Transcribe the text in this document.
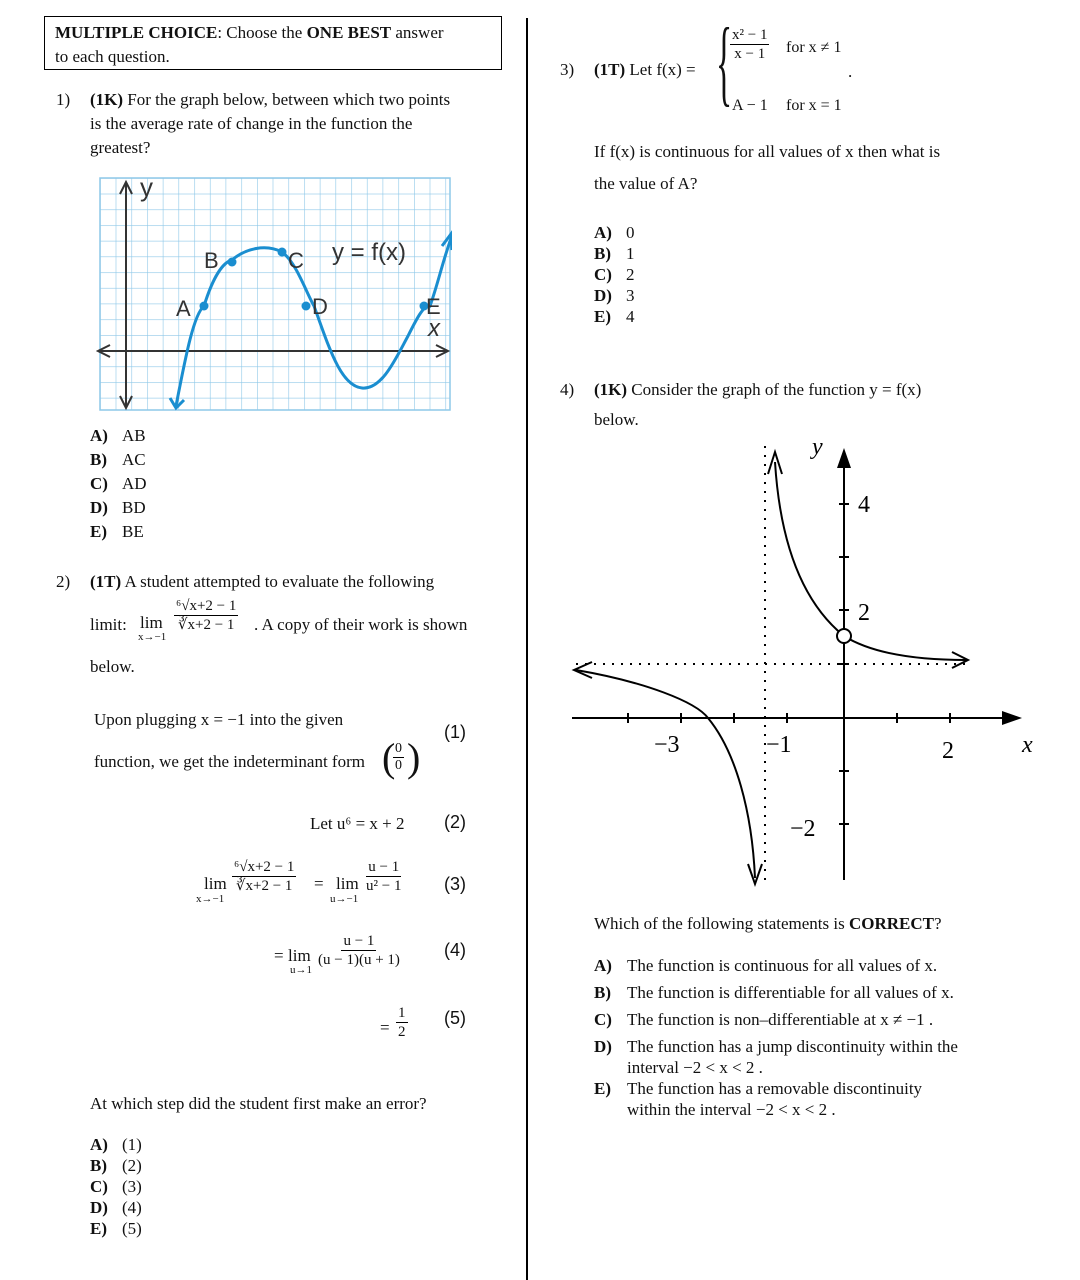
MULTIPLE CHOICE: Choose the ONE BEST answer
to each question.
1) (1K) For the graph below, between which two points
is the average rate of change in the function the
greatest?
y
x
A
B	C
D	E
y = f(x)
A) AB
B) AC
C) AD
D) BD
E) BE
2) (1T) A student attempted to evaluate the following
limit: lim
x→−1
$\frac{\text{⁶√x+2 − 1}}{∛x+2 - 1}$ . A copy of their work is shown
below.
Upon plugging x = −1 into the given
function, we get the indeterminant form (
$\frac{0}{0}$ )
(1)
Let u⁶ = x + 2 (2)
lim
x→−1
$\frac{\text{⁶√x+2 − 1}}{∛x+2 - 1} = \lim$
u→−1
$\frac{u - 1}{\text{u² − 1}} (3)$
= lim
u→1
$\frac{u - 1}{(u - 1)(u + 1)} (4)$
= $\frac{1}{2} (5)$
At which step did the student first make an error?
A) (1)
B) (2)
C) (3)
D) (4)
E) (5)
3) (1T) Let f(x) = {
$\frac{\text{x² − 1}}{x - 1}$ for x ≠ 1
A − 1 for x = 1
.
If f(x) is continuous for all values of x then what is
the value of A?
A) 0
B) 1
C) 2
D) 3
E) 4
4) (1K) Consider the graph of the function y = f(x)
below.
−3	−1	2
4
2
−2
y
x
Which of the following statements is CORRECT?
A) The function is continuous for all values of x.
B) The function is differentiable for all values of x.
C) The function is non–differentiable at x ≠ −1 .
D) The function has a jump discontinuity within the
interval −2 < x < 2 .
E) The function has a removable discontinuity
within the interval −2 < x < 2 .
